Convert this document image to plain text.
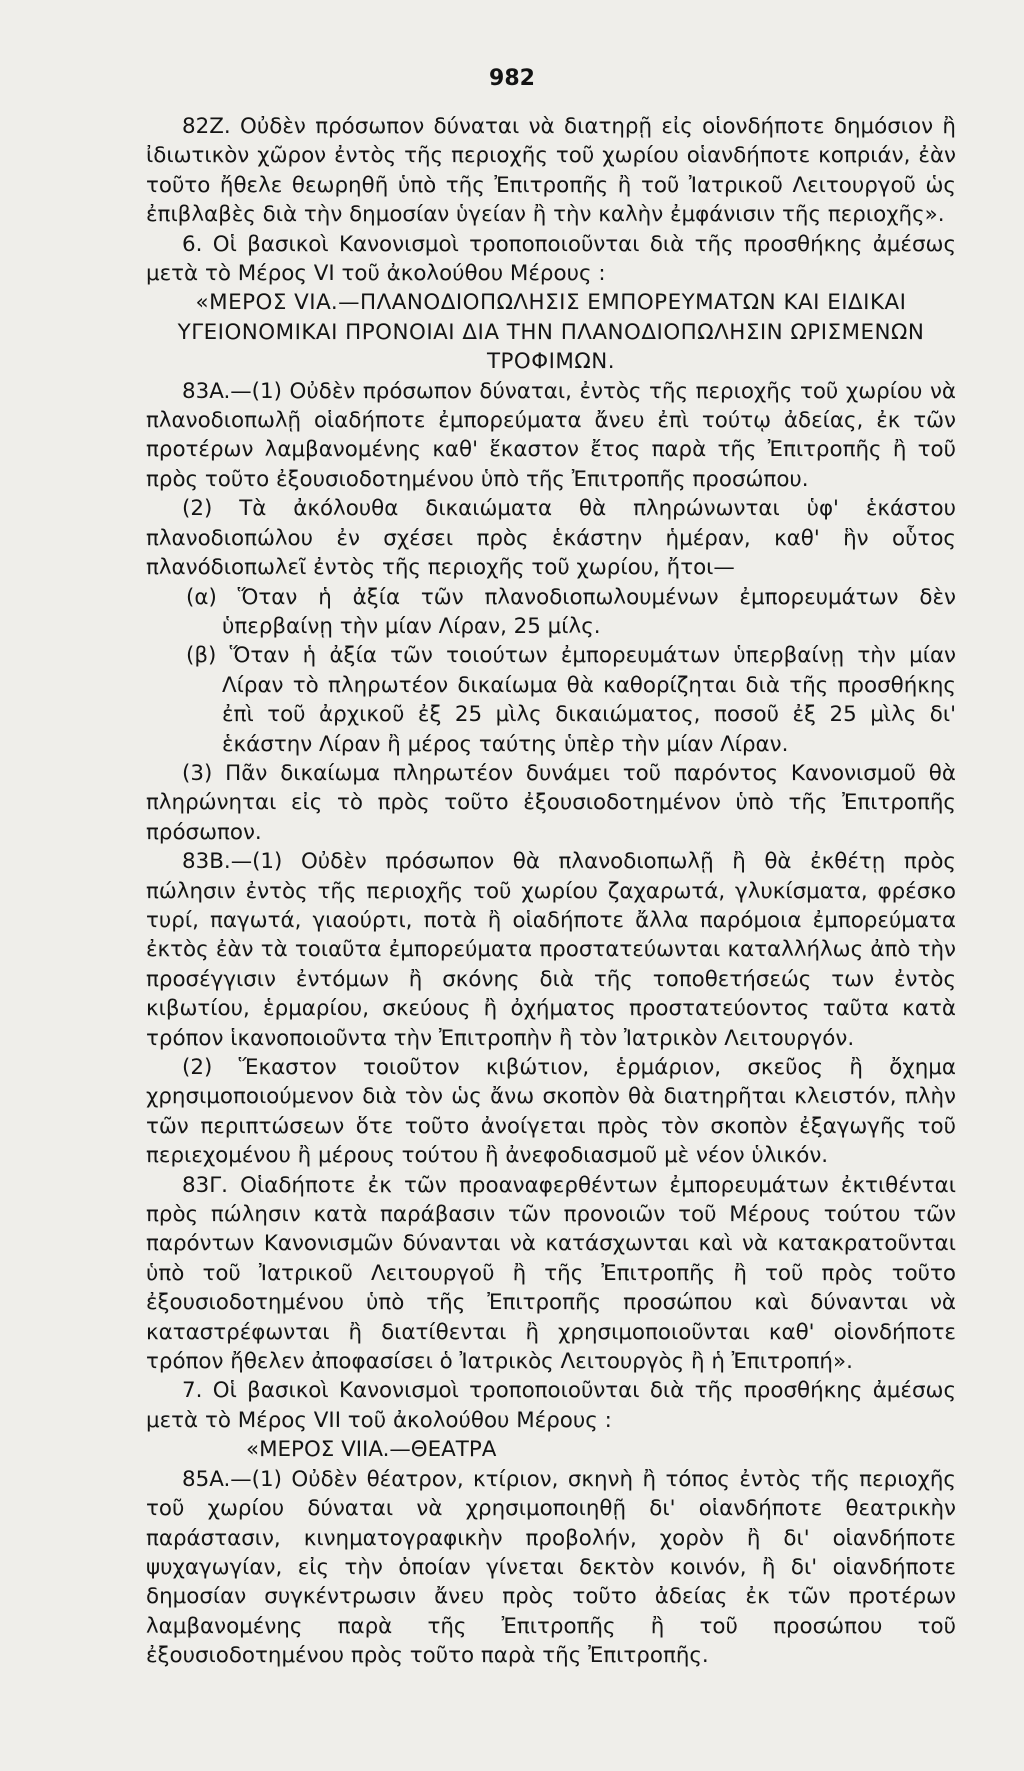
982

82Z. Οὐδὲν πρόσωπον δύναται νὰ διατηρῇ εἰς οἱονδήποτε δημόσιον ἢ ἰδιωτικὸν χῶρον ἐντὸς τῆς περιοχῆς τοῦ χωρίου οἱανδήποτε κοπριάν, ἐὰν τοῦτο ἤθελε θεωρηθῆ ὑπὸ τῆς Ἐπιτροπῆς ἢ τοῦ Ἰατρικοῦ Λειτουργοῦ ὡς ἐπιβλαβὲς διὰ τὴν δημοσίαν ὑγείαν ἢ τὴν καλὴν ἐμφάνισιν τῆς περιοχῆς».

6. Οἱ βασικοὶ Κανονισμοὶ τροποποιοῦνται διὰ τῆς προσθήκης ἀμέσως μετὰ τὸ Μέρος VI τοῦ ἀκολούθου Μέρους :

«ΜΕΡΟΣ VIA.—ΠΛΑΝΟΔΙΟΠΩΛΗΣΙΣ ΕΜΠΟΡΕΥΜΑΤΩΝ ΚΑΙ ΕΙΔΙΚΑΙ ΥΓΕΙΟΝΟΜΙΚΑΙ ΠΡΟΝΟΙΑΙ ΔΙΑ ΤΗΝ ΠΛΑΝΟΔΙΟΠΩΛΗΣΙΝ ΩΡΙΣΜΕΝΩΝ ΤΡΟΦΙΜΩΝ.

83A.—(1) Οὐδὲν πρόσωπον δύναται, ἐντὸς τῆς περιοχῆς τοῦ χωρίου νὰ πλανοδιοπωλῇ οἱαδήποτε ἐμπορεύματα ἄνευ ἐπὶ τούτῳ ἀδείας, ἐκ τῶν προτέρων λαμβανομένης καθ' ἕκαστον ἔτος παρὰ τῆς Ἐπιτροπῆς ἢ τοῦ πρὸς τοῦτο ἐξουσιοδοτημένου ὑπὸ τῆς Ἐπιτροπῆς προσώπου.

(2) Τὰ ἀκόλουθα δικαιώματα θὰ πληρώνωνται ὑφ' ἑκάστου πλανοδιοπώλου ἐν σχέσει πρὸς ἑκάστην ἡμέραν, καθ' ἣν οὗτος πλανόδιοπωλεῖ ἐντὸς τῆς περιοχῆς τοῦ χωρίου, ἤτοι—

(α) Ὅταν ἡ ἀξία τῶν πλανοδιοπωλουμένων ἐμπορευμάτων δὲν ὑπερβαίνῃ τὴν μίαν Λίραν, 25 μίλς.

(β) Ὅταν ἡ ἀξία τῶν τοιούτων ἐμπορευμάτων ὑπερβαίνῃ τὴν μίαν Λίραν τὸ πληρωτέον δικαίωμα θὰ καθορίζηται διὰ τῆς προσθήκης ἐπὶ τοῦ ἀρχικοῦ ἐξ 25 μὶλς δικαιώματος, ποσοῦ ἐξ 25 μὶλς δι' ἑκάστην Λίραν ἢ μέρος ταύτης ὑπὲρ τὴν μίαν Λίραν.

(3) Πᾶν δικαίωμα πληρωτέον δυνάμει τοῦ παρόντος Κανονισμοῦ θὰ πληρώνηται εἰς τὸ πρὸς τοῦτο ἐξουσιοδοτημένον ὑπὸ τῆς Ἐπιτροπῆς πρόσωπον.

83B.—(1) Οὐδὲν πρόσωπον θὰ πλανοδιοπωλῇ ἢ θὰ ἐκθέτῃ πρὸς πώλησιν ἐντὸς τῆς περιοχῆς τοῦ χωρίου ζαχαρωτά, γλυκίσματα, φρέσκο τυρί, παγωτά, γιαούρτι, ποτὰ ἢ οἱαδήποτε ἄλλα παρόμοια ἐμπορεύματα ἐκτὸς ἐὰν τὰ τοιαῦτα ἐμπορεύματα προστατεύωνται καταλλήλως ἀπὸ τὴν προσέγγισιν ἐντόμων ἢ σκόνης διὰ τῆς τοποθετήσεώς των ἐντὸς κιβωτίου, ἑρμαρίου, σκεύους ἢ ὀχήματος προστατεύοντος ταῦτα κατὰ τρόπον ἱκανοποιοῦντα τὴν Ἐπιτροπὴν ἢ τὸν Ἰατρικὸν Λειτουργόν.

(2) Ἕκαστον τοιοῦτον κιβώτιον, ἑρμάριον, σκεῦος ἢ ὄχημα χρησιμοποιούμενον διὰ τὸν ὡς ἄνω σκοπὸν θὰ διατηρῆται κλειστόν, πλὴν τῶν περιπτώσεων ὅτε τοῦτο ἀνοίγεται πρὸς τὸν σκοπὸν ἐξαγωγῆς τοῦ περιεχομένου ἢ μέρους τούτου ἢ ἀνεφοδιασμοῦ μὲ νέον ὑλικόν.

83Γ. Οἱαδήποτε ἐκ τῶν προαναφερθέντων ἐμπορευμάτων ἐκτιθένται πρὸς πώλησιν κατὰ παράβασιν τῶν προνοιῶν τοῦ Μέρους τούτου τῶν παρόντων Κανονισμῶν δύνανται νὰ κατάσχωνται καὶ νὰ κατακρατοῦνται ὑπὸ τοῦ Ἰατρικοῦ Λειτουργοῦ ἢ τῆς Ἐπιτροπῆς ἢ τοῦ πρὸς τοῦτο ἐξουσιοδοτημένου ὑπὸ τῆς Ἐπιτροπῆς προσώπου καὶ δύνανται νὰ καταστρέφωνται ἢ διατίθενται ἢ χρησιμοποιοῦνται καθ' οἱονδήποτε τρόπον ἤθελεν ἀποφασίσει ὁ Ἰατρικὸς Λειτουργὸς ἢ ἡ Ἐπιτροπή».

7. Οἱ βασικοὶ Κανονισμοὶ τροποποιοῦνται διὰ τῆς προσθήκης ἀμέσως μετὰ τὸ Μέρος VII τοῦ ἀκολούθου Μέρους :

«ΜΕΡΟΣ VIIA.—ΘΕΑΤΡΑ

85A.—(1) Οὐδὲν θέατρον, κτίριον, σκηνὴ ἢ τόπος ἐντὸς τῆς περιοχῆς τοῦ χωρίου δύναται νὰ χρησιμοποιηθῇ δι' οἱανδήποτε θεατρικὴν παράστασιν, κινηματογραφικὴν προβολήν, χορὸν ἢ δι' οἱανδήποτε ψυχαγωγίαν, εἰς τὴν ὁποίαν γίνεται δεκτὸν κοινόν, ἢ δι' οἱανδήποτε δημοσίαν συγκέντρωσιν ἄνευ πρὸς τοῦτο ἀδείας ἐκ τῶν προτέρων λαμβανομένης παρὰ τῆς Ἐπιτροπῆς ἢ τοῦ προσώπου τοῦ ἐξουσιοδοτημένου πρὸς τοῦτο παρὰ τῆς Ἐπιτροπῆς.
